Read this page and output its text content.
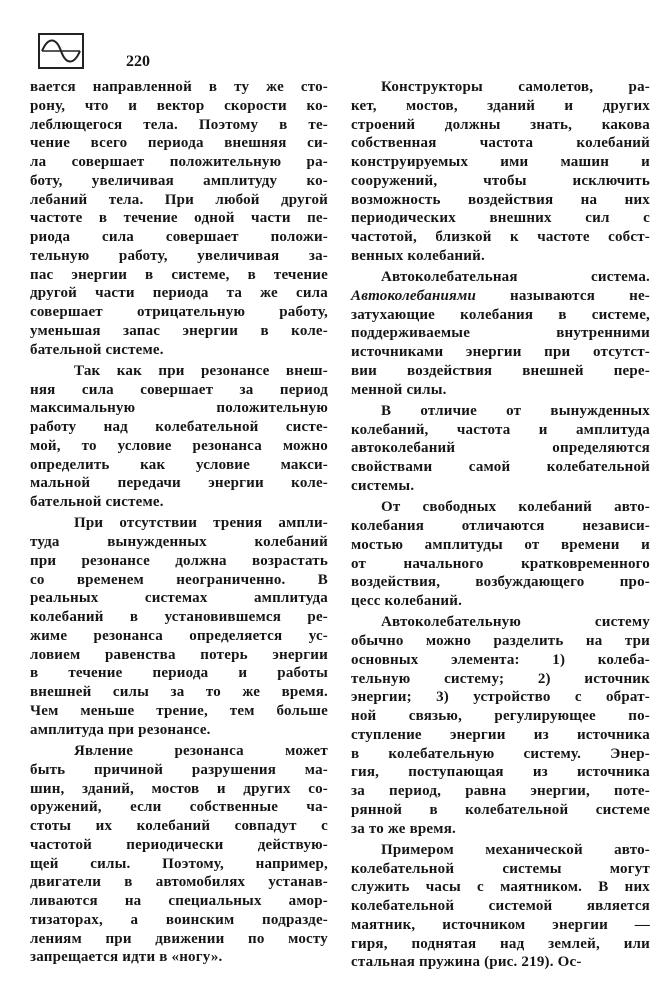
220
вается направленной в ту же сто-
рону, что и вектор скорости ко-
леблющегося тела. Поэтому в те-
чение всего периода внешняя си-
ла совершает положительную ра-
боту, увеличивая амплитуду ко-
лебаний тела. При любой другой
частоте в течение одной части пе-
риода сила совершает положи-
тельную работу, увеличивая за-
пас энергии в системе, в течение
другой части периода та же сила
совершает отрицательную работу,
уменьшая запас энергии в коле-
бательной системе.
Так как при резонансе внеш-
няя сила совершает за период
максимальную положительную
работу над колебательной систе-
мой, то условие резонанса можно
определить как условие макси-
мальной передачи энергии коле-
бательной системе.
При отсутствии трения ампли-
туда вынужденных колебаний
при резонансе должна возрастать
со временем неограниченно. В
реальных системах амплитуда
колебаний в установившемся ре-
жиме резонанса определяется ус-
ловием равенства потерь энергии
в течение периода и работы
внешней силы за то же время.
Чем меньше трение, тем больше
амплитуда при резонансе.
Явление резонанса может
быть причиной разрушения ма-
шин, зданий, мостов и других со-
оружений, если собственные ча-
стоты их колебаний совпадут с
частотой периодически действую-
щей силы. Поэтому, например,
двигатели в автомобилях устанав-
ливаются на специальных амор-
тизаторах, а воинским подразде-
лениям при движении по мосту
запрещается идти в «ногу».
Конструкторы самолетов, ра-
кет, мостов, зданий и других
строений должны знать, какова
собственная частота колебаний
конструируемых ими машин и
сооружений, чтобы исключить
возможность воздействия на них
периодических внешних сил с
частотой, близкой к частоте собст-
венных колебаний.
Автоколебательная система.
Автоколебаниями называются не-
затухающие колебания в системе,
поддерживаемые внутренними
источниками энергии при отсутст-
вии воздействия внешней пере-
менной силы.
В отличие от вынужденных
колебаний, частота и амплитуда
автоколебаний определяются
свойствами самой колебательной
системы.
От свободных колебаний авто-
колебания отличаются независи-
мостью амплитуды от времени и
от начального кратковременного
воздействия, возбуждающего про-
цесс колебаний.
Автоколебательную систему
обычно можно разделить на три
основных элемента: 1) колеба-
тельную систему; 2) источник
энергии; 3) устройство с обрат-
ной связью, регулирующее по-
ступление энергии из источника
в колебательную систему. Энер-
гия, поступающая из источника
за период, равна энергии, поте-
рянной в колебательной системе
за то же время.
Примером механической авто-
колебательной системы могут
служить часы с маятником. В них
колебательной системой является
маятник, источником энергии —
гиря, поднятая над землей, или
стальная пружина (рис. 219). Ос-
